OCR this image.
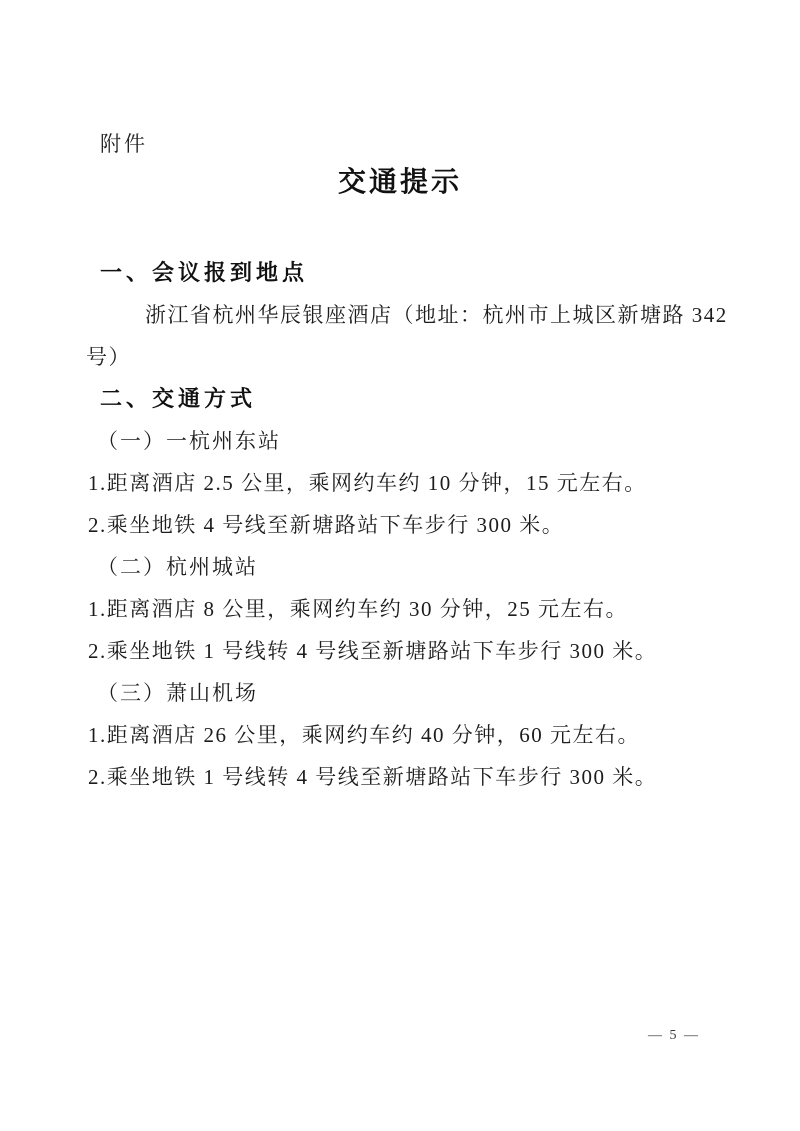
附件
交通提示
一、会议报到地点
浙江省杭州华辰银座酒店（地址：杭州市上城区新塘路 342
号）
二、交通方式
（一）一杭州东站
1.距离酒店 2.5 公里，乘网约车约 10 分钟，15 元左右。
2.乘坐地铁 4 号线至新塘路站下车步行 300 米。
（二）杭州城站
1.距离酒店 8 公里，乘网约车约 30 分钟，25 元左右。
2.乘坐地铁 1 号线转 4 号线至新塘路站下车步行 300 米。
（三）萧山机场
1.距离酒店 26 公里，乘网约车约 40 分钟，60 元左右。
2.乘坐地铁 1 号线转 4 号线至新塘路站下车步行 300 米。
— 5 —
